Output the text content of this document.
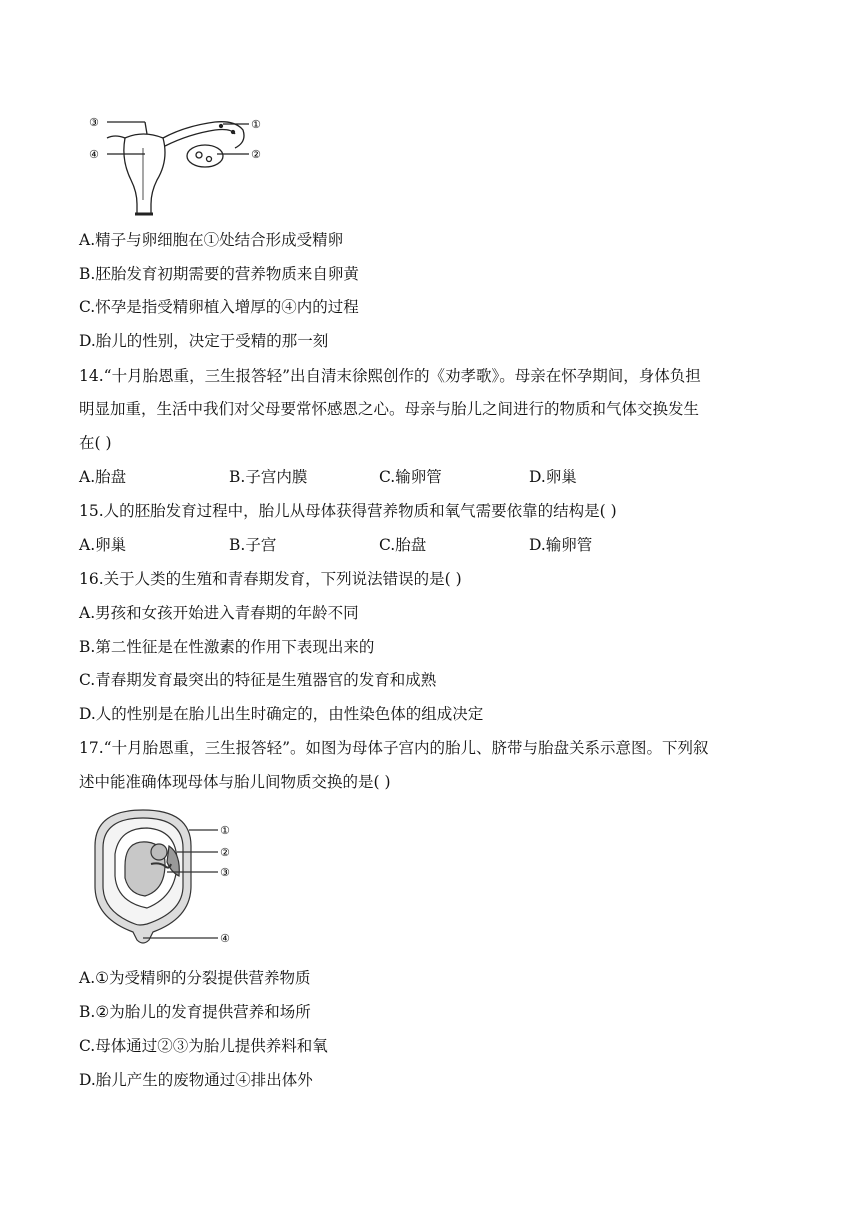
③	①
④	②
A.精子与卵细胞在①处结合形成受精卵
B.胚胎发育初期需要的营养物质来自卵黄
C.怀孕是指受精卵植入增厚的④内的过程
D.胎儿的性别，决定于受精的那一刻
14.“十月胎恩重，三生报答轻”出自清末徐熙创作的《劝孝歌》。母亲在怀孕期间，身体负担
明显加重，生活中我们对父母要常怀感恩之心。母亲与胎儿之间进行的物质和气体交换发生
在( )
A.胎盘	B.子宫内膜	C.输卵管	D.卵巢
15.人的胚胎发育过程中，胎儿从母体获得营养物质和氧气需要依靠的结构是( )
A.卵巢	B.子宫	C.胎盘	D.输卵管
16.关于人类的生殖和青春期发育，下列说法错误的是( )
A.男孩和女孩开始进入青春期的年龄不同
B.第二性征是在性激素的作用下表现出来的
C.青春期发育最突出的特征是生殖器官的发育和成熟
D.人的性别是在胎儿出生时确定的，由性染色体的组成决定
17.“十月胎恩重，三生报答轻”。如图为母体子宫内的胎儿、脐带与胎盘关系示意图。下列叙
述中能准确体现母体与胎儿间物质交换的是( )
①
②
③
④
A.①为受精卵的分裂提供营养物质
B.②为胎儿的发育提供营养和场所
C.母体通过②③为胎儿提供养料和氧
D.胎儿产生的废物通过④排出体外
